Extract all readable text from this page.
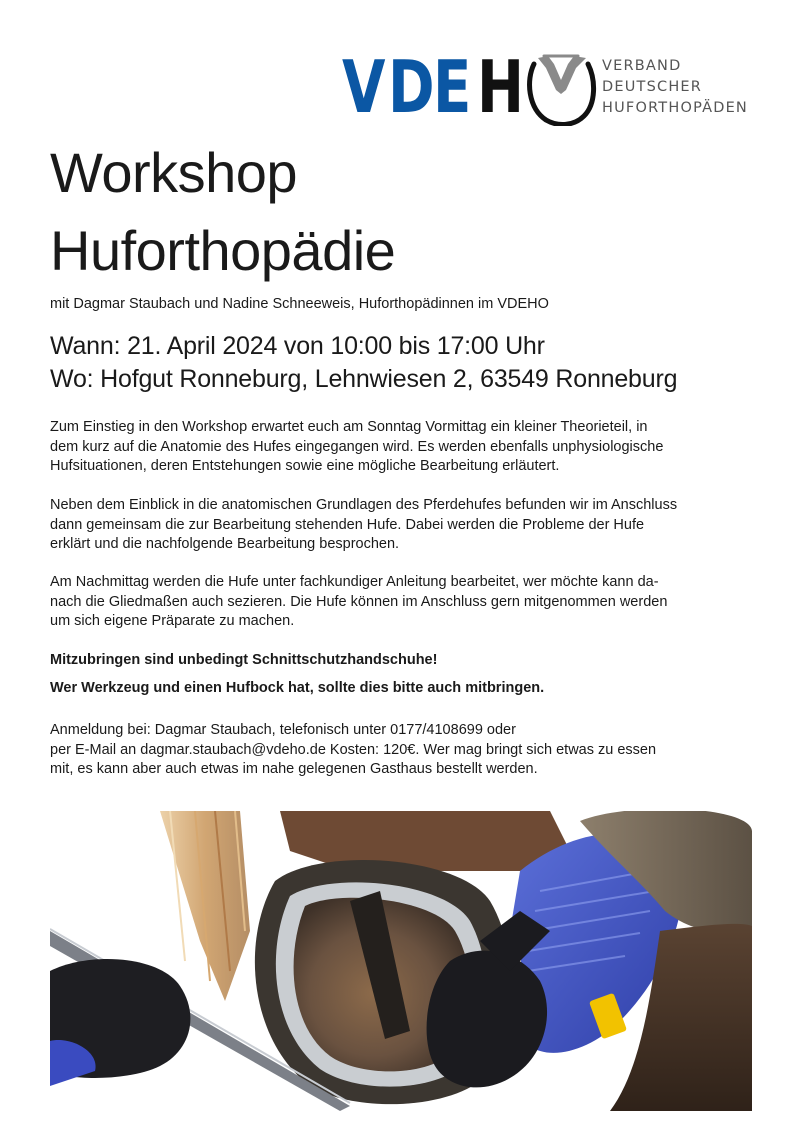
V D E H	VERBAND
DEUTSCHER
HUFORTHOPÄDEN
Workshop
Huforthopädie
mit Dagmar Staubach und Nadine Schneeweis, Huforthopädinnen im VDEHO
Wann: 21. April 2024 von 10:00 bis 17:00 Uhr
Wo: Hofgut Ronneburg, Lehnwiesen 2, 63549 Ronneburg
Zum Einstieg in den Workshop erwartet euch am Sonntag Vormittag ein kleiner Theorieteil, in
dem kurz auf die Anatomie des Hufes eingegangen wird. Es werden ebenfalls unphysiologische
Hufsituationen, deren Entstehungen sowie eine mögliche Bearbeitung erläutert.
Neben dem Einblick in die anatomischen Grundlagen des Pferdehufes befunden wir im Anschluss
dann gemeinsam die zur Bearbeitung stehenden Hufe. Dabei werden die Probleme der Hufe
erklärt und die nachfolgende Bearbeitung besprochen.
Am Nachmittag werden die Hufe unter fachkundiger Anleitung bearbeitet, wer möchte kann da-
nach die Gliedmaßen auch sezieren. Die Hufe können im Anschluss gern mitgenommen werden
um sich eigene Präparate zu machen.
Mitzubringen sind unbedingt Schnittschutzhandschuhe!
Wer Werkzeug und einen Hufbock hat, sollte dies bitte auch mitbringen.
Anmeldung bei: Dagmar Staubach, telefonisch unter 0177/4108699 oder
per E-Mail an dagmar.staubach@vdeho.de Kosten: 120€. Wer mag bringt sich etwas zu essen
mit, es kann aber auch etwas im nahe gelegenen Gasthaus bestellt werden.
